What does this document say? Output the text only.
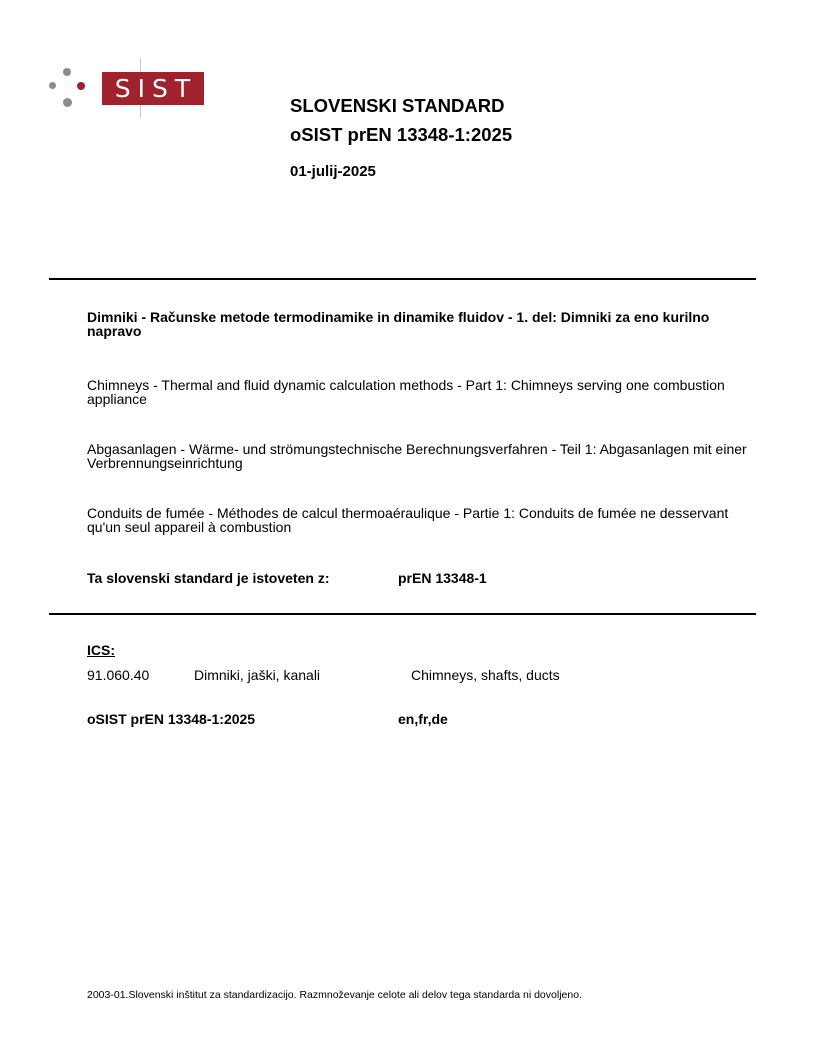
SIST
SLOVENSKI STANDARD
oSIST prEN 13348-1:2025
01-julij-2025
Dimniki - Računske metode termodinamike in dinamike fluidov - 1. del: Dimniki za eno kurilno napravo
Chimneys - Thermal and fluid dynamic calculation methods - Part 1: Chimneys serving one combustion appliance
Abgasanlagen - Wärme- und strömungstechnische Berechnungsverfahren - Teil 1: Abgasanlagen mit einer Verbrennungseinrichtung
Conduits de fumée - Méthodes de calcul thermoaéraulique - Partie 1: Conduits de fumée ne desservant qu'un seul appareil à combustion
Ta slovenski standard je istoveten z:	prEN 13348-1
ICS:
91.060.40	Dimniki, jaški, kanali	Chimneys, shafts, ducts
oSIST prEN 13348-1:2025	en,fr,de
2003-01.Slovenski inštitut za standardizacijo. Razmnoževanje celote ali delov tega standarda ni dovoljeno.
